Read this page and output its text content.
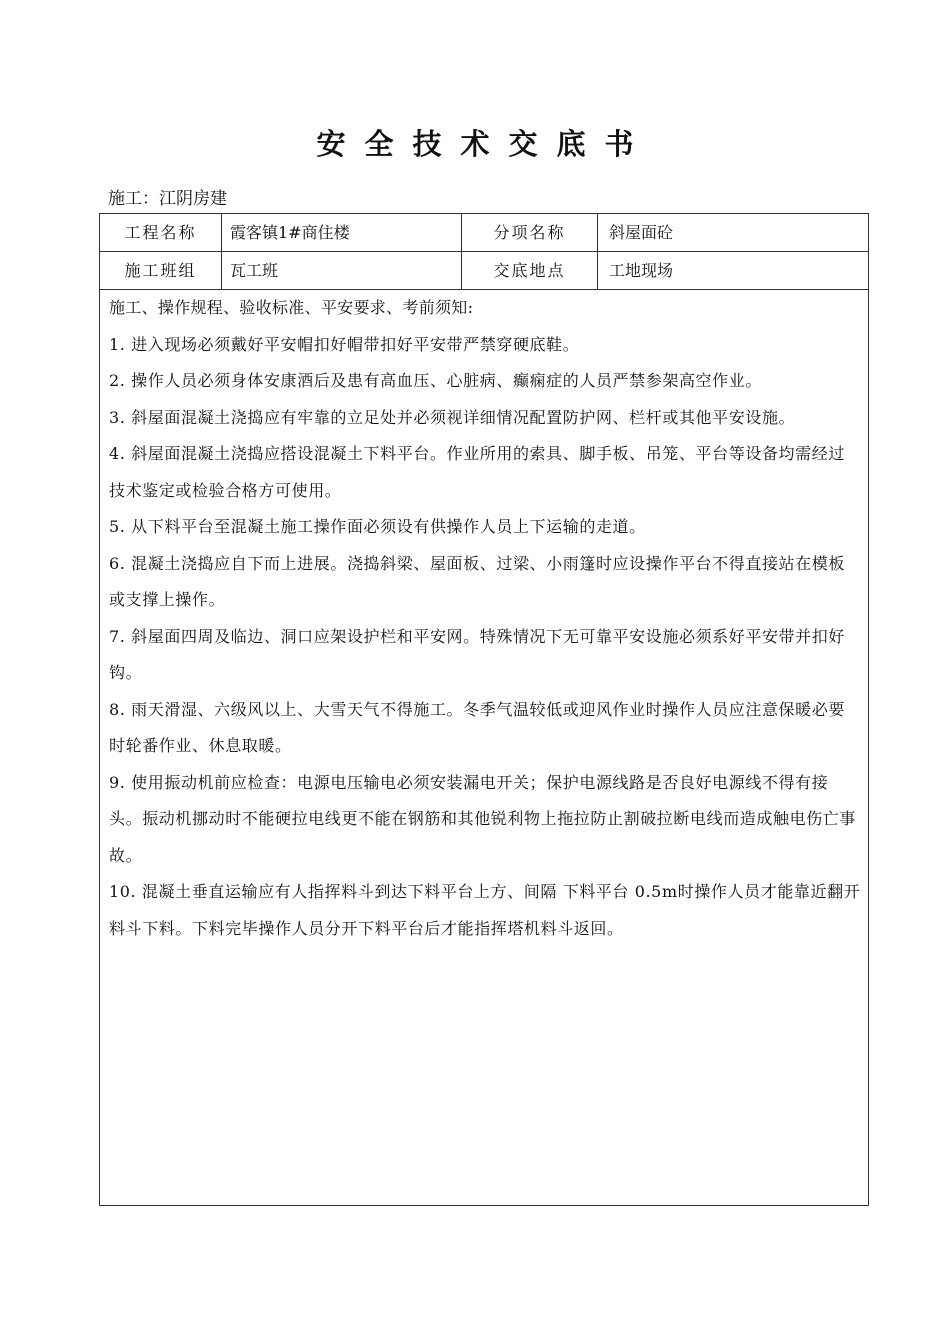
安全技术交底书
施工：江阴房建
工程名称	霞客镇1#商住楼	分项名称	斜屋面砼
施工班组	瓦工班	交底地点	工地现场

施工、操作规程、验收标准、平安要求、考前须知:

1. 进入现场必须戴好平安帽扣好帽带扣好平安带严禁穿硬底鞋。

2. 操作人员必须身体安康酒后及患有高血压、心脏病、癫痫症的人员严禁参架高空作业。

3. 斜屋面混凝土浇捣应有牢靠的立足处并必须视详细情况配置防护网、栏杆或其他平安设施。

4. 斜屋面混凝土浇捣应搭设混凝土下料平台。作业所用的索具、脚手板、吊笼、平台等设备均需经过技术鉴定或检验合格方可使用。

5. 从下料平台至混凝土施工操作面必须设有供操作人员上下运输的走道。

6. 混凝土浇捣应自下而上进展。浇捣斜梁、屋面板、过梁、小雨篷时应设操作平台不得直接站在模板或支撑上操作。

7. 斜屋面四周及临边、洞口应架设护栏和平安网。特殊情况下无可靠平安设施必须系好平安带并扣好钩。

8. 雨天滑湿、六级风以上、大雪天气不得施工。冬季气温较低或迎风作业时操作人员应注意保暖必要时轮番作业、休息取暖。

9. 使用振动机前应检查：电源电压输电必须安装漏电开关；保护电源线路是否良好电源线不得有接头。振动机挪动时不能硬拉电线更不能在钢筋和其他锐利物上拖拉防止割破拉断电线而造成触电伤亡事故。

10. 混凝土垂直运输应有人指挥料斗到达下料平台上方、间隔 下料平台 0.5m时操作人员才能靠近翻开料斗下料。下料完毕操作人员分开下料平台后才能指挥塔机料斗返回。
